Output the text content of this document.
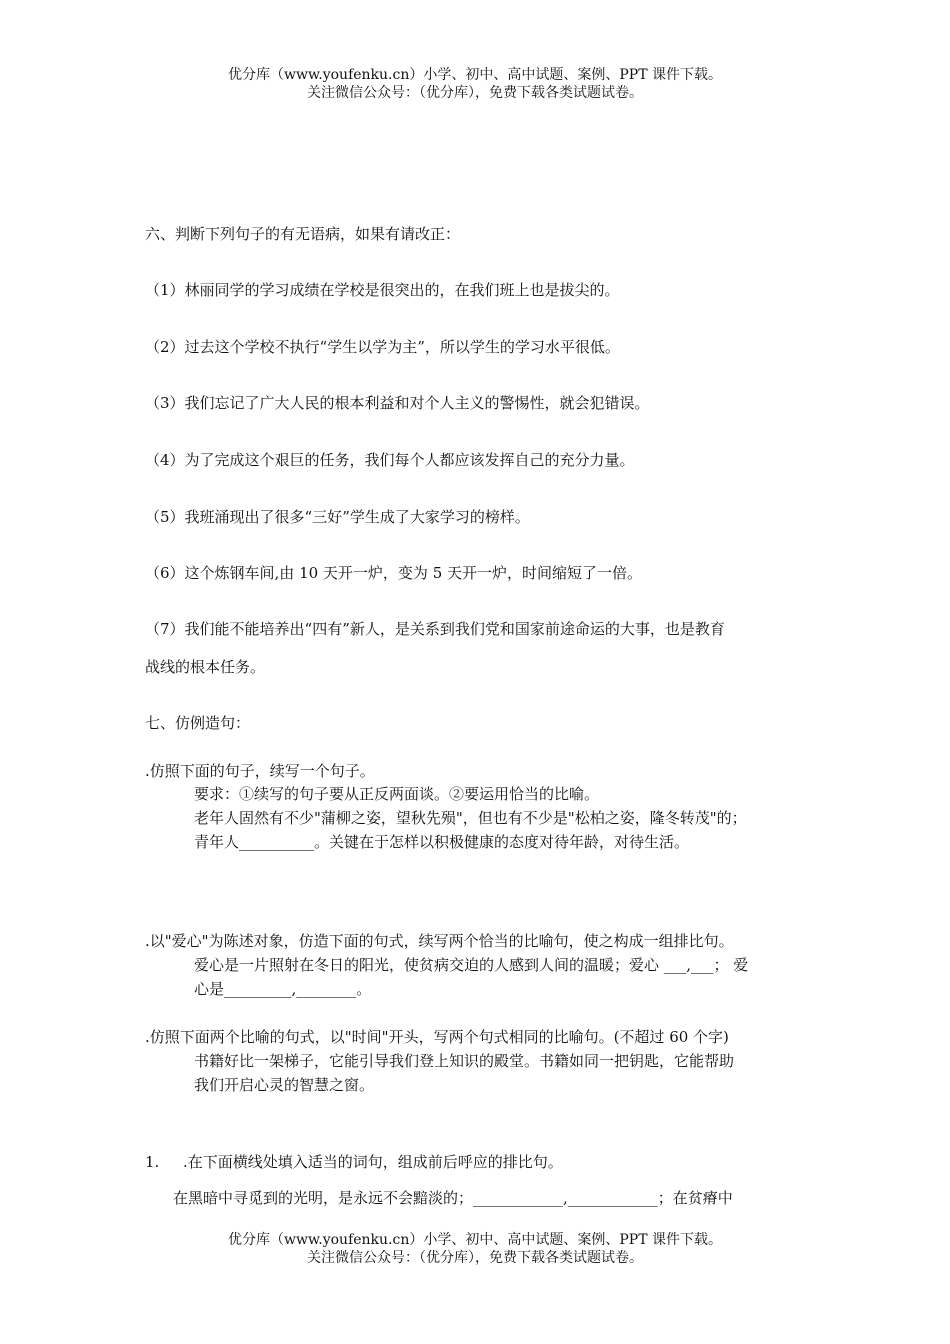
优分库（www.youfenku.cn）小学、初中、高中试题、案例、PPT 课件下载。
关注微信公众号：（优分库），免费下载各类试题试卷。
六、判断下列句子的有无语病，如果有请改正：
（1）林丽同学的学习成绩在学校是很突出的，在我们班上也是拔尖的。
（2）过去这个学校不执行“学生以学为主”，所以学生的学习水平很低。
（3）我们忘记了广大人民的根本利益和对个人主义的警惕性，就会犯错误。
（4）为了完成这个艰巨的任务，我们每个人都应该发挥自己的充分力量。
（5）我班涌现出了很多“三好”学生成了大家学习的榜样。
（6）这个炼钢车间,由 10 天开一炉，变为 5 天开一炉，时间缩短了一倍。
（7）我们能不能培养出“四有”新人，是关系到我们党和国家前途命运的大事，也是教育
战线的根本任务。
七、仿例造句：
.仿照下面的句子，续写一个句子。
要求：①续写的句子要从正反两面谈。②要运用恰当的比喻。
老年人固然有不少"蒲柳之姿，望秋先殒"，但也有不少是"松柏之姿，隆冬转茂"的；
青年人__________。关键在于怎样以积极健康的态度对待年龄，对待生活。
.以"爱心"为陈述对象，仿造下面的句式，续写两个恰当的比喻句，使之构成一组排比句。
爱心是一片照射在冬日的阳光，使贫病交迫的人感到人间的温暖；爱心 ___,___； 爱
心是_________,________。
.仿照下面两个比喻的句式，以"时间"开头，写两个句式相同的比喻句。(不超过 60 个字)
书籍好比一架梯子，它能引导我们登上知识的殿堂。书籍如同一把钥匙，它能帮助
我们开启心灵的智慧之窗。
1. .在下面横线处填入适当的词句，组成前后呼应的排比句。
在黑暗中寻觅到的光明，是永远不会黯淡的；____________,____________；在贫瘠中
优分库（www.youfenku.cn）小学、初中、高中试题、案例、PPT 课件下载。
关注微信公众号：（优分库），免费下载各类试题试卷。
